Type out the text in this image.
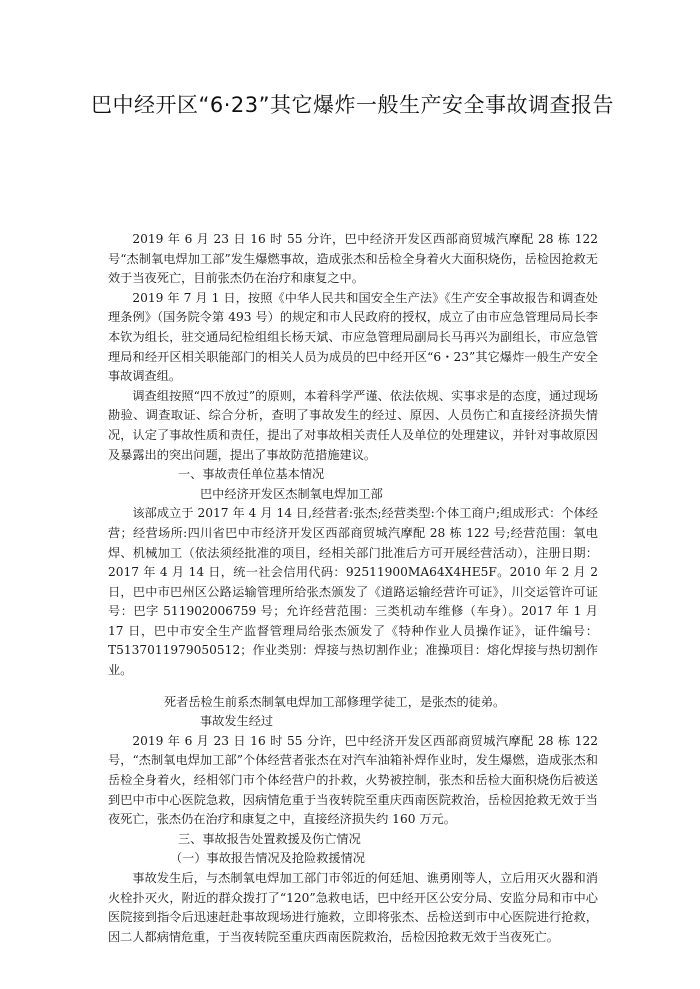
巴中经开区“6·23”其它爆炸一般生产安全事故调查报告

2019 年 6 月 23 日 16 时 55 分许，巴中经济开发区西部商贸城汽摩配 28 栋 122 号“杰制氧电焊加工部”发生爆燃事故，造成张杰和岳检全身着火大面积烧伤，岳检因抢救无效于当夜死亡，目前张杰仍在治疗和康复之中。

2019 年 7 月 1 日，按照《中华人民共和国安全生产法》《生产安全事故报告和调查处理条例》（国务院令第 493 号）的规定和市人民政府的授权，成立了由市应急管理局局长李本钦为组长，驻交通局纪检组组长杨天斌、市应急管理局副局长马再兴为副组长，市应急管理局和经开区相关职能部门的相关人员为成员的巴中经开区“6・23”其它爆炸一般生产安全事故调查组。

调查组按照“四不放过”的原则，本着科学严谨、依法依规、实事求是的态度，通过现场勘验、调查取证、综合分析，查明了事故发生的经过、原因、人员伤亡和直接经济损失情况，认定了事故性质和责任，提出了对事故相关责任人及单位的处理建议，并针对事故原因及暴露出的突出问题，提出了事故防范措施建议。

一、事故责任单位基本情况

巴中经济开发区杰制氧电焊加工部

该部成立于 2017 年 4 月 14 日,经营者:张杰;经营类型:个体工商户;组成形式：个体经营；经营场所:四川省巴中市经济开发区西部商贸城汽摩配 28 栋 122 号;经营范围：氧电焊、机械加工（依法须经批准的项目，经相关部门批准后方可开展经营活动），注册日期：2017 年 4 月 14 日，统一社会信用代码：92511900MA64X4HE5F。2010 年 2 月 2 日，巴中市巴州区公路运输管理所给张杰颁发了《道路运输经营许可证》，川交运管许可证号：巴字 511902006759 号；允许经营范围：三类机动车维修（车身）。2017 年 1 月 17 日，巴中市安全生产监督管理局给张杰颁发了《特种作业人员操作证》，证件编号：T5137011979050512；作业类别：焊接与热切割作业；准操项目：熔化焊接与热切割作业。

死者岳检生前系杰制氧电焊加工部修理学徒工，是张杰的徒弟。

事故发生经过

2019 年 6 月 23 日 16 时 55 分许，巴中经济开发区西部商贸城汽摩配 28 栋 122 号，“杰制氧电焊加工部”个体经营者张杰在对汽车油箱补焊作业时，发生爆燃，造成张杰和岳检全身着火，经相邻门市个体经营户的扑救，火势被控制，张杰和岳检大面积烧伤后被送到巴中市中心医院急救，因病情危重于当夜转院至重庆西南医院救治，岳检因抢救无效于当夜死亡，张杰仍在治疗和康复之中，直接经济损失约 160 万元。

三、事故报告处置救援及伤亡情况

（一）事故报告情况及抢险救援情况

事故发生后，与杰制氧电焊加工部门市邻近的何廷旭、谯勇刚等人，立后用灭火器和消火栓扑灭火，附近的群众拨打了“120”急救电话，巴中经开区公安分局、安监分局和市中心医院接到指令后迅速赶赴事故现场进行施救，立即将张杰、岳检送到市中心医院进行抢救，因二人都病情危重，于当夜转院至重庆西南医院救治，岳检因抢救无效于当夜死亡。
